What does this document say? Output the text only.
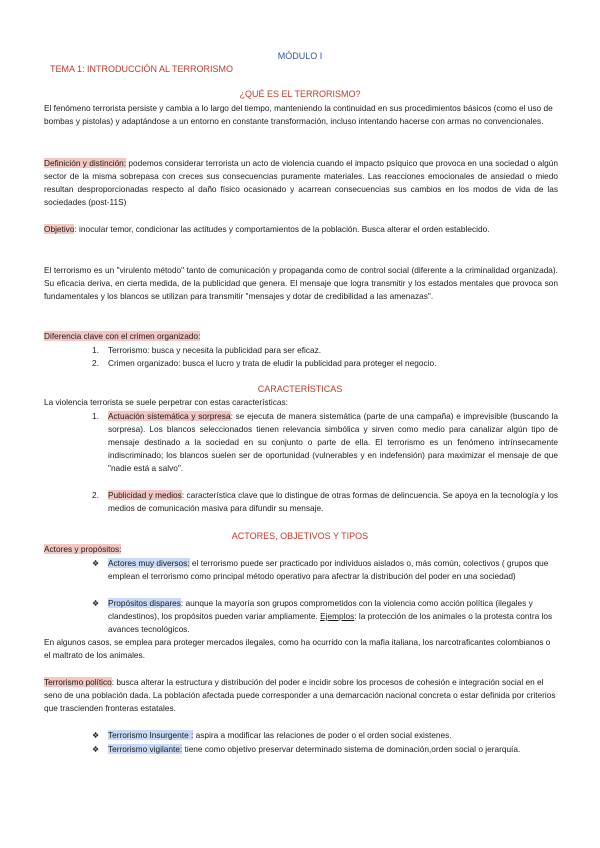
MÓDULO I
TEMA 1: INTRODUCCIÓN AL TERRORISMO
¿QUÉ ES EL TERRORISMO?
El fenómeno terrorista persiste y cambia a lo largo del tiempo, manteniendo la continuidad en sus procedimientos básicos (como el uso de bombas y pistolas) y adaptándose a un entorno en constante transformación, incluso intentando hacerse con armas no convencionales.
Definición y distinción: podemos considerar terrorista un acto de violencia cuando el impacto psíquico que provoca en una sociedad o algún sector de la misma sobrepasa con creces sus consecuencias puramente materiales. Las reacciones emocionales de ansiedad o miedo resultan desproporcionadas respecto al daño físico ocasionado y acarrean consecuencias sus cambios en los modos de vida de las sociedades (post-11S)
Objetivo: inocular temor, condicionar las actitudes y comportamientos de la población. Busca alterar el orden establecido.
El terrorismo es un "virulento método" tanto de comunicación y propaganda como de control social (diferente a la criminalidad organizada). Su eficacia deriva, en cierta medida, de la publicidad que genera. El mensaje que logra transmitir y los estados mentales que provoca son fundamentales y los blancos se utilizan para transmitir "mensajes y dotar de credibilidad a las amenazas".
Diferencia clave con el crimen organizado:
1. Terrorismo: busca y necesita la publicidad para ser eficaz.
2. Crimen organizado: busca el lucro y trata de eludir la publicidad para proteger el negocio.
CARACTERÍSTICAS
La violencia terrorista se suele perpetrar con estas características:
1. Actuación sistemática y sorpresa: se ejecuta de manera sistemática (parte de una campaña) e imprevisible (buscando la sorpresa). Los blancos seleccionados tienen relevancia simbólica y sirven como medio para canalizar algún tipo de mensaje destinado a la sociedad en su conjunto o parte de ella. El terrorismo es un fenómeno intrínsecamente indiscriminado; los blancos suelen ser de oportunidad (vulnerables y en indefensión) para maximizar el mensaje de que "nadie está a salvo".
2. Publicidad y medios: característica clave que lo distingue de otras formas de delincuencia. Se apoya en la tecnología y los medios de comunicación masiva para difundir su mensaje.
ACTORES, OBJETIVOS Y TIPOS
Actores y propósitos:
❖ Actores muy diversos: el terrorismo puede ser practicado por individuos aislados o, más común, colectivos ( grupos que emplean el terrorismo como principal método operativo para afectrar la distribución del poder en una sociedad)
❖ Propósitos dispares: aunque la mayoría son grupos comprometidos con la violencia como acción política (ilegales y clandestinos), los propósitos pueden variar ampliamente. Ejemplos: la protección de los animales o la protesta contra los avances tecnológicos.
En algunos casos, se emplea para proteger mercados ilegales, como ha ocurrido con la mafia italiana, los narcotraficantes colombianos o el maltrato de los animales.
Terrorismo político: busca alterar la estructura y distribución del poder e incidir sobre los procesos de cohesión e integración social en el seno de una población dada. La población afectada puede corresponder a una demarcación nacional concreta o estar definida por criterios que trascienden fronteras estatales.
❖ Terrorismo Insurgente : aspira a modificar las relaciones de poder o el orden social existenes.
❖ Terrorismo vigilante: tiene como objetivo preservar determinado sistema de dominación,orden social o jerarquía.
